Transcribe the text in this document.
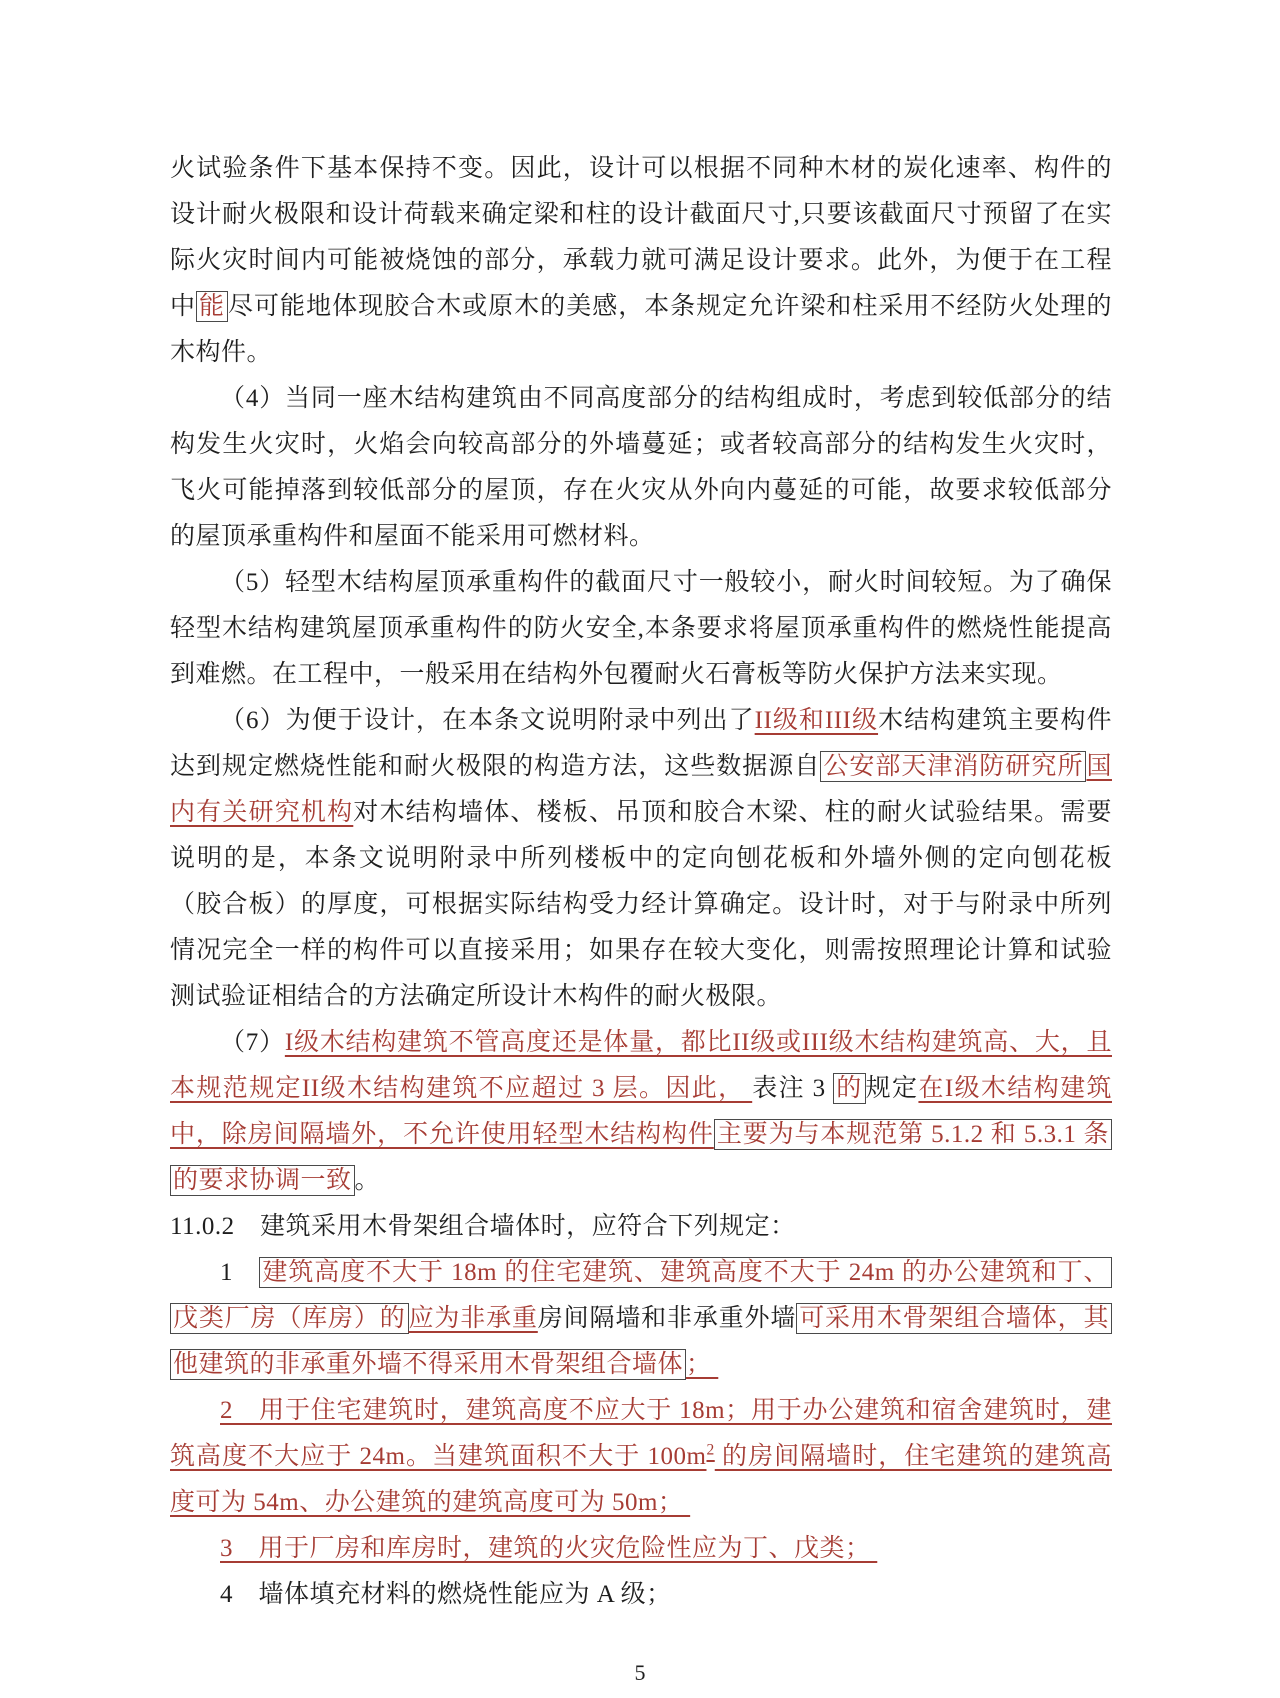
火试验条件下基本保持不变。因此，设计可以根据不同种木材的炭化速率、构件的设计耐火极限和设计荷载来确定梁和柱的设计截面尺寸,只要该截面尺寸预留了在实际火灾时间内可能被烧蚀的部分，承载力就可满足设计要求。此外，为便于在工程中 能 尽可能地体现胶合木或原木的美感，本条规定允许梁和柱采用不经防火处理的木构件。

（4）当同一座木结构建筑由不同高度部分的结构组成时，考虑到较低部分的结构发生火灾时，火焰会向较高部分的外墙蔓延；或者较高部分的结构发生火灾时，飞火可能掉落到较低部分的屋顶，存在火灾从外向内蔓延的可能，故要求较低部分的屋顶承重构件和屋面不能采用可燃材料。

（5）轻型木结构屋顶承重构件的截面尺寸一般较小，耐火时间较短。为了确保轻型木结构建筑屋顶承重构件的防火安全,本条要求将屋顶承重构件的燃烧性能提高到难燃。在工程中，一般采用在结构外包覆耐火石膏板等防火保护方法来实现。

（6）为便于设计，在本条文说明附录中列出了II级和III级木结构建筑主要构件达到规定燃烧性能和耐火极限的构造方法，这些数据源自 公安部天津消防研究所 国内有关研究机构对木结构墙体、楼板、吊顶和胶合木梁、柱的耐火试验结果。需要说明的是，本条文说明附录中所列楼板中的定向刨花板和外墙外侧的定向刨花板（胶合板）的厚度，可根据实际结构受力经计算确定。设计时，对于与附录中所列情况完全一样的构件可以直接采用；如果存在较大变化，则需按照理论计算和试验测试验证相结合的方法确定所设计木构件的耐火极限。

（7）I级木结构建筑不管高度还是体量，都比II级或III级木结构建筑高、大，且本规范规定II级木结构建筑不应超过 3 层。因此， 表注 3 的 规定在I级木结构建筑中，除房间隔墙外，不允许使用轻型木结构构件 主要为与本规范第 5.1.2 和 5.3.1 条的要求协调一致 。

11.0.2　建筑采用木骨架组合墙体时，应符合下列规定：

1　建筑高度不大于 18m 的住宅建筑、建筑高度不大于 24m 的办公建筑和丁、戊类厂房（库房）的 应为非承重房间隔墙和非承重外墙 可采用木骨架组合墙体，其他建筑的非承重外墙不得采用木骨架组合墙体 ；

2　用于住宅建筑时，建筑高度不应大于 18m；用于办公建筑和宿舍建筑时，建筑高度不大应于 24m。当建筑面积不大于 $100m^2$ 的房间隔墙时，住宅建筑的建筑高度可为 54m、办公建筑的建筑高度可为 50m；

3　用于厂房和库房时，建筑的火灾危险性应为丁、戊类；

4　墙体填充材料的燃烧性能应为 A 级；

5
